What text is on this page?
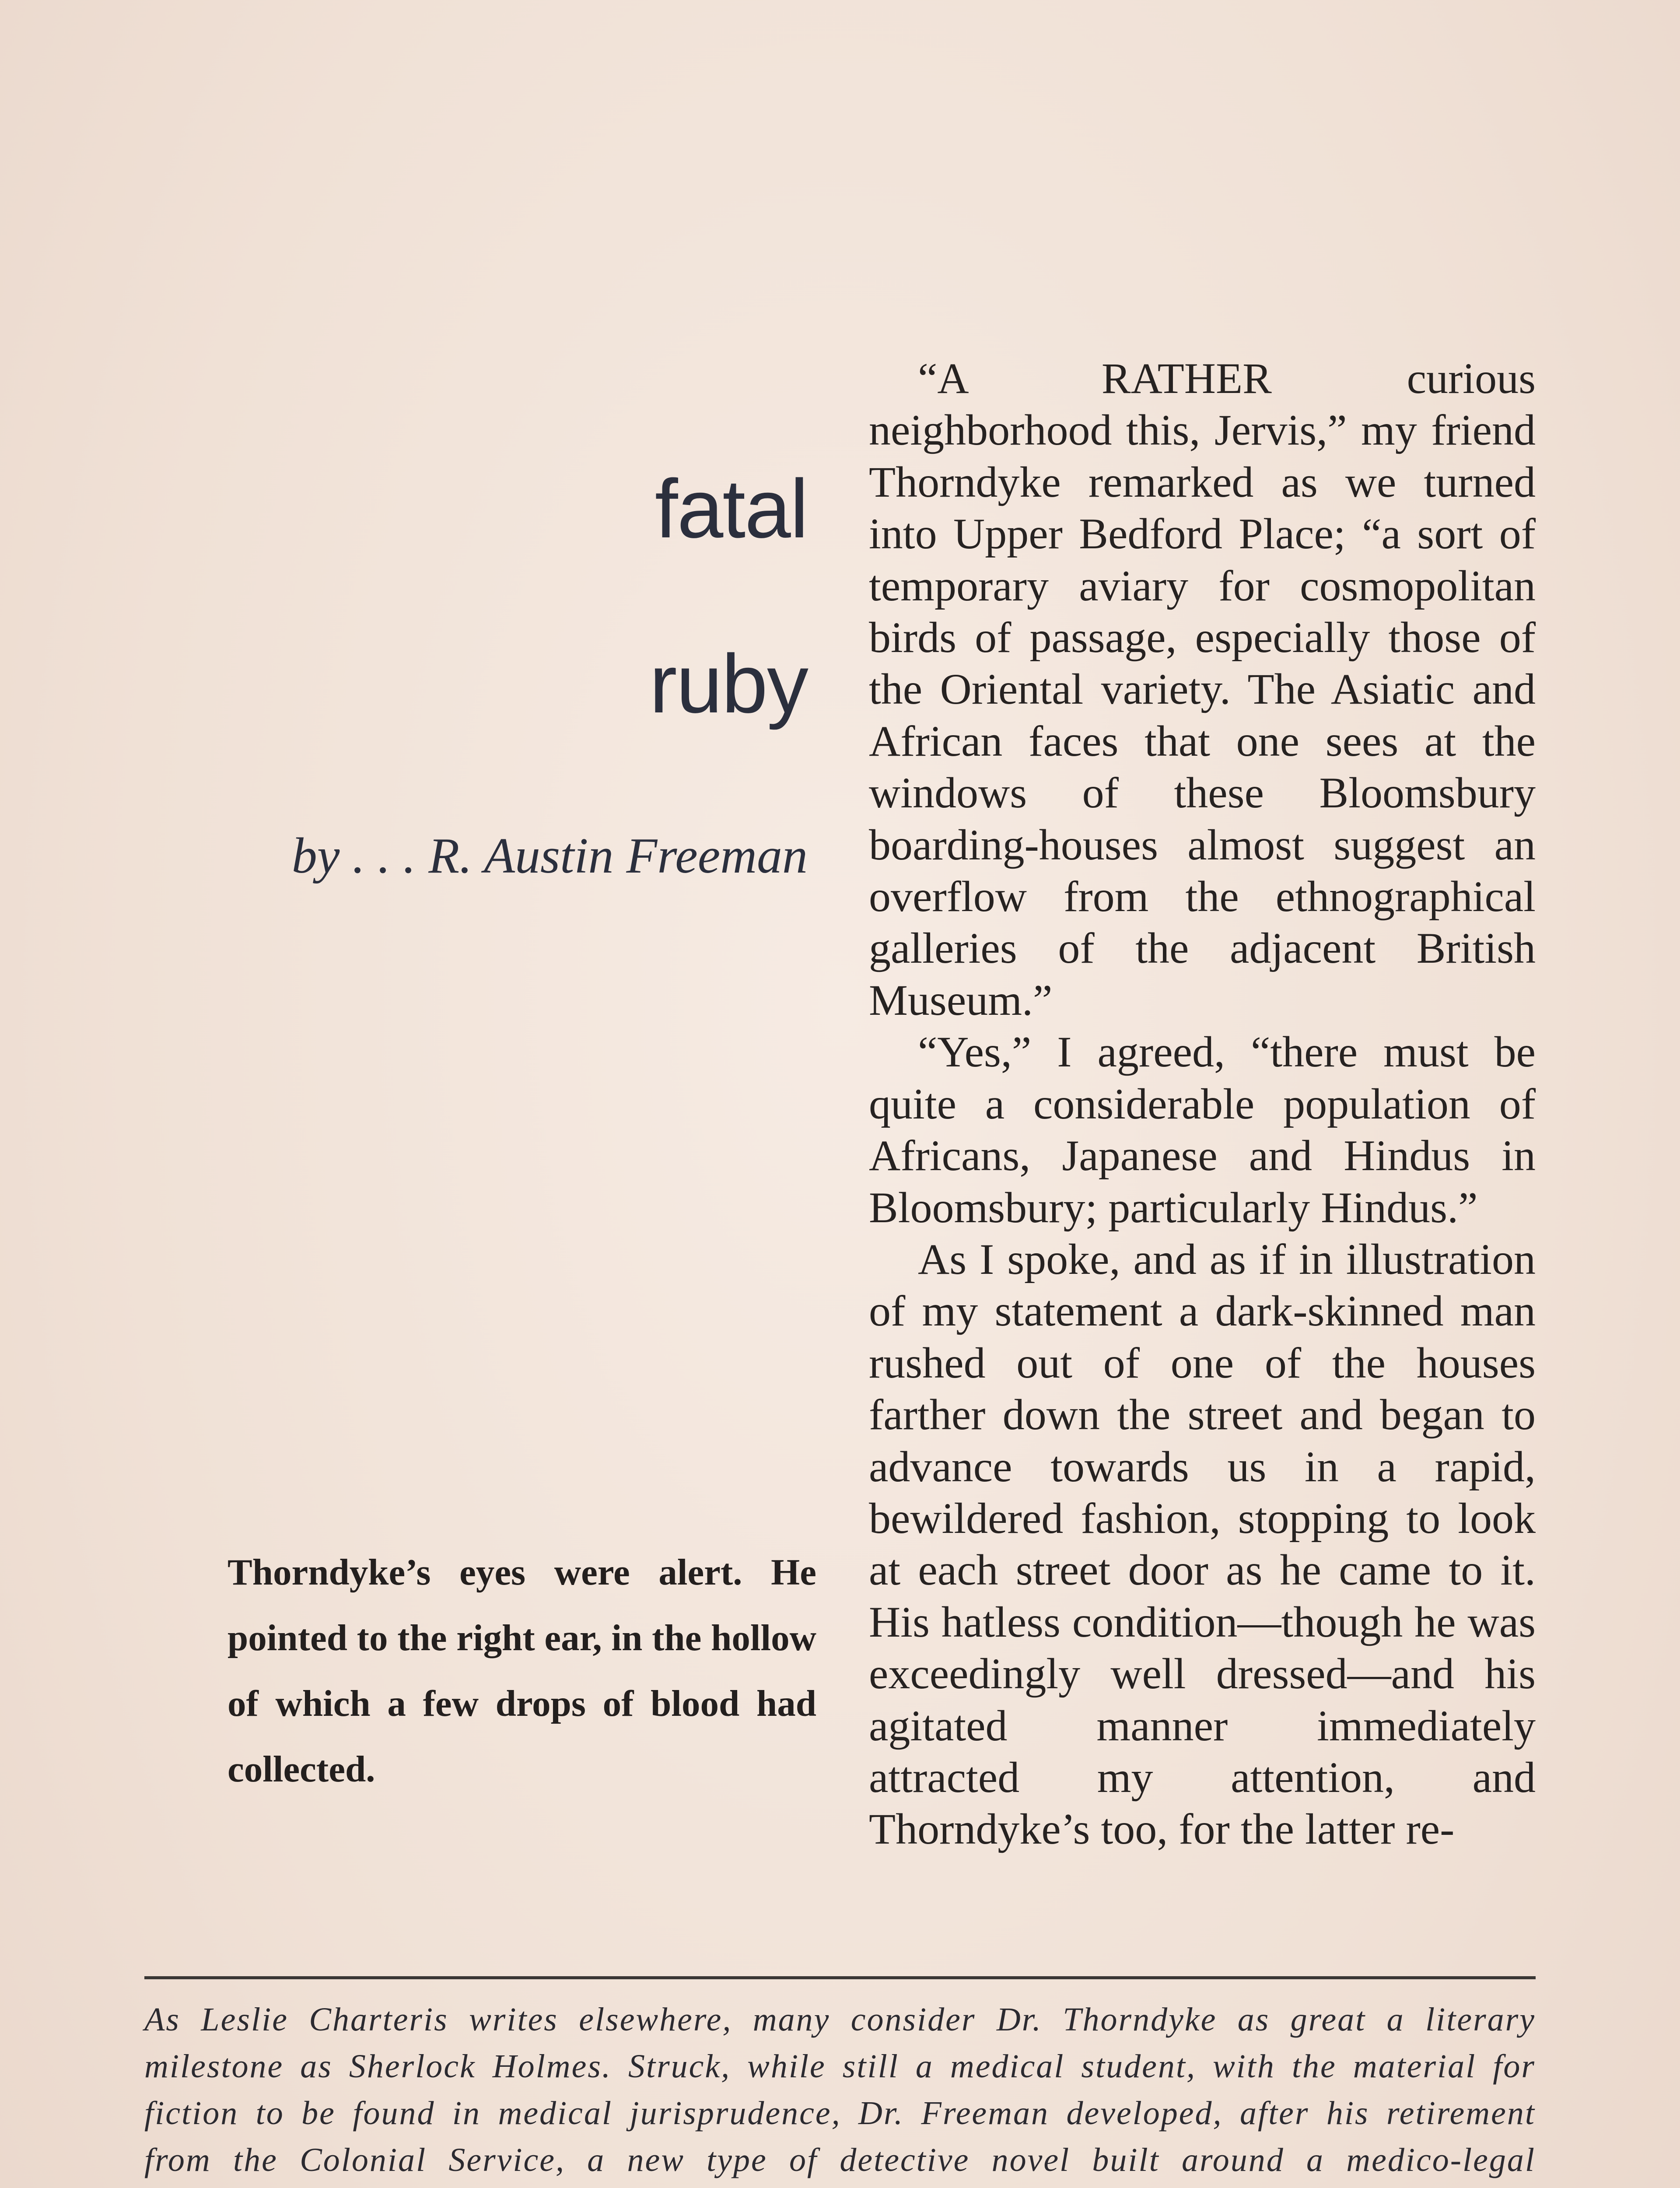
fatal
ruby
by . . . R. Austin Freeman
Thorndyke’s eyes were alert. He pointed to the right ear, in the hollow of which a few drops of blood had collected.

“A RATHER curious neighborhood this, Jervis,” my friend Thorndyke remarked as we turned into Upper Bedford Place; “a sort of temporary aviary for cosmopolitan birds of passage, especially those of the Oriental variety. The Asiatic and African faces that one sees at the windows of these Bloomsbury boarding-houses almost suggest an overflow from the ethnographical galleries of the adjacent British Museum.”

“Yes,” I agreed, “there must be quite a considerable population of Africans, Japanese and Hindus in Bloomsbury; particularly Hindus.”

As I spoke, and as if in illustration of my statement a dark-skinned man rushed out of one of the houses farther down the street and began to advance towards us in a rapid, bewildered fashion, stopping to look at each street door as he came to it. His hatless condition—though he was exceedingly well dressed—and his agitated manner immediately attracted my attention, and Thorndyke’s too, for the latter re-

As Leslie Charteris writes elsewhere, many consider Dr. Thorndyke as great a literary milestone as Sherlock Holmes. Struck, while still a medical student, with the material for fiction to be found in medical jurisprudence, Dr. Freeman developed, after his retirement from the Colonial Service, a new type of detective novel built around a medico-legal
